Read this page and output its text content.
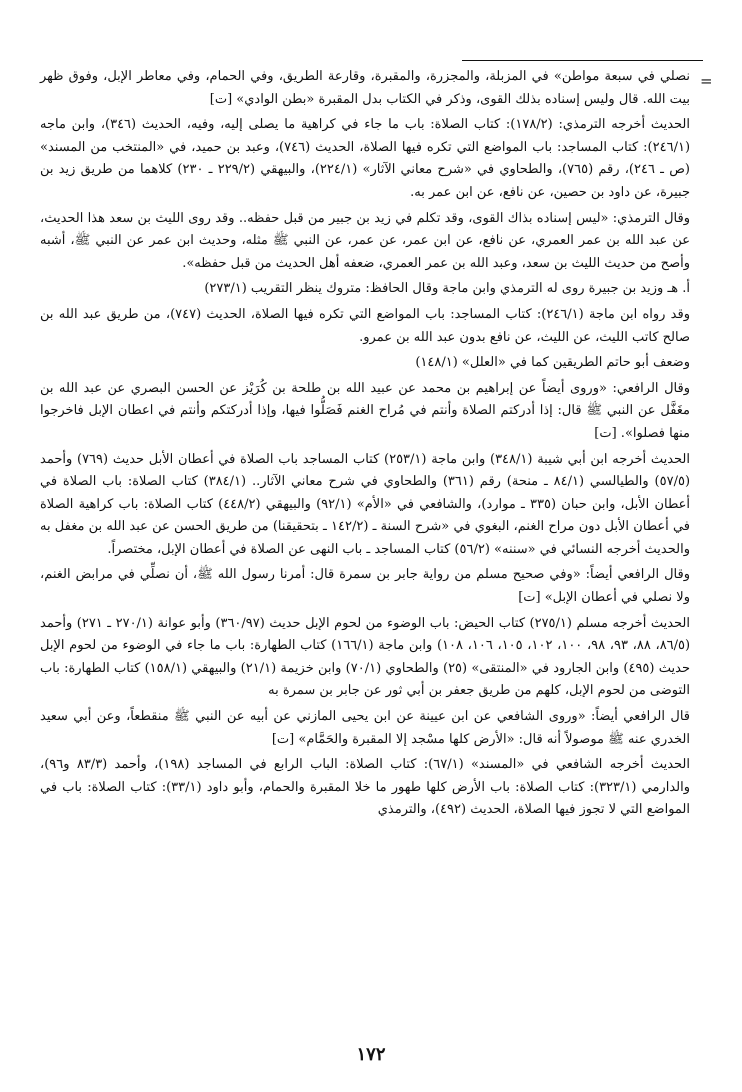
=

نصلي في سبعة مواطن» في المزبلة، والمجزرة، والمقبرة، وقارعة الطريق، وفي الحمام، وفي معاطر الإبل، وفوق ظهر بيت الله. قال وليس إسناده بذلك القوى، وذكر في الكتاب بدل المقبرة «بطن الوادي» [ت]

الحديث أخرجه الترمذي: (١٧٨/٢): كتاب الصلاة: باب ما جاء في كراهية ما يصلى إليه، وفيه، الحديث (٣٤٦)، وابن ماجه (٢٤٦/١): كتاب المساجد: باب المواضع التي تكره فيها الصلاة، الحديث (٧٤٦)، وعبد بن حميد، في «المنتخب من المسند» (ص ـ ٢٤٦)، رقم (٧٦٥)، والطحاوي في «شرح معاني الآثار» (٢٢٤/١)، والبيهقي (٢٢٩/٢ ـ ٢٣٠) كلاهما من طريق زيد بن جبيرة، عن داود بن حصين، عن نافع، عن ابن عمر به.

وقال الترمذي: «ليس إسناده بذاك القوى، وقد تكلم في زيد بن جبير من قبل حفظه.. وقد روى الليث بن سعد هذا الحديث، عن عبد الله بن عمر العمري، عن نافع، عن ابن عمر، عن عمر، عن النبي ﷺ مثله، وحديث ابن عمر عن النبي ﷺ، أشبه وأصح من حديث الليث بن سعد، وعبد الله بن عمر العمري، ضعفه أهل الحديث من قبل حفظه».

أ. هـ وزيد بن جبيرة روى له الترمذي وابن ماجة وقال الحافظ: متروك ينظر التقريب (٢٧٣/١)

وقد رواه ابن ماجة (٢٤٦/١): كتاب المساجد: باب المواضع التي تكره فيها الصلاة، الحديث (٧٤٧)، من طريق عبد الله بن صالح كاتب الليث، عن الليث، عن نافع بدون عبد الله بن عمرو.

وضعف أبو حاتم الطريقين كما في «العلل» (١٤٨/١)

وقال الرافعي: «وروى أيضاً عن إبراهيم بن محمد عن عبيد الله بن طلحة بن كُرَيْز عن الحسن البصري عن عبد الله بن مغَفَّل عن النبي ﷺ قال: إذا أدركتم الصلاة وأنتم في مُراح الغنم فَصَلُّوا فيها، وإذا أدركتكم وأنتم في اعطان الإبل فاخرجوا منها فصلوا». [ت]

الحديث أخرجه ابن أبي شيبة (٣٤٨/١) وابن ماجة (٢٥٣/١) كتاب المساجد باب الصلاة في أعطان الأبل حديث (٧٦٩) وأحمد (٥٧/٥) والطيالسي (٨٤/١ ـ منحة) رقم (٣٦١) والطحاوي في شرح معاني الآثار.. (٣٨٤/١) كتاب الصلاة: باب الصلاة في أعطان الأبل، وابن حبان (٣٣٥ ـ موارد)، والشافعي في «الأم» (٩٢/١) والبيهقي (٤٤٨/٢) كتاب الصلاة: باب كراهية الصلاة في أعطان الأبل دون مراح الغنم، البغوي في «شرح السنة ـ (١٤٢/٢ ـ بتحقيقنا) من طريق الحسن عن عبد الله بن مغفل به والحديث أخرجه النسائي في «سننه» (٥٦/٢) كتاب المساجد ـ باب النهى عن الصلاة في أعطان الإبل، مختصراً.

وقال الرافعي أيضاً: «وفي صحيح مسلم من رواية جابر بن سمرة قال: أمرنا رسول الله ﷺ، أن نصلِّي في مرابض الغنم، ولا نصلي في أعطان الإبل» [ت]

الحديث أخرجه مسلم (٢٧٥/١) كتاب الحيض: باب الوضوء من لحوم الإبل حديث (٣٦٠/٩٧) وأبو عوانة (٢٧٠/١ ـ ٢٧١) وأحمد (٨٦/٥، ٨٨، ٩٣، ٩٨، ١٠٠، ١٠٢، ١٠٥، ١٠٦، ١٠٨) وابن ماجة (١٦٦/١) كتاب الطهارة: باب ما جاء في الوضوء من لحوم الإبل حديث (٤٩٥) وابن الجارود في «المنتقى» (٢٥) والطحاوي (٧٠/١) وابن خزيمة (٢١/١) والبيهقي (١٥٨/١) كتاب الطهارة: باب التوضى من لحوم الإبل، كلهم من طريق جعفر بن أبي ثور عن جابر بن سمرة به

قال الرافعي أيضاً: «وروى الشافعي عن ابن عيينة عن ابن يحيى المازني عن أبيه عن النبي ﷺ منقطعاً، وعن أبي سعيد الخدري عنه ﷺ موصولاً أنه قال: «الأرض كلها مسْجد إلا المقبرة والحَمَّام» [ت]

الحديث أخرجه الشافعي في «المسند» (٦٧/١): كتاب الصلاة: الباب الرابع في المساجد (١٩٨)، وأحمد (٨٣/٣ و٩٦)، والدارمي (٣٢٣/١): كتاب الصلاة: باب الأرض كلها طهور ما خلا المقبرة والحمام، وأبو داود (٣٣/١): كتاب الصلاة: باب في المواضع التي لا تجوز فيها الصلاة، الحديث (٤٩٢)، والترمذي

١٧٢
